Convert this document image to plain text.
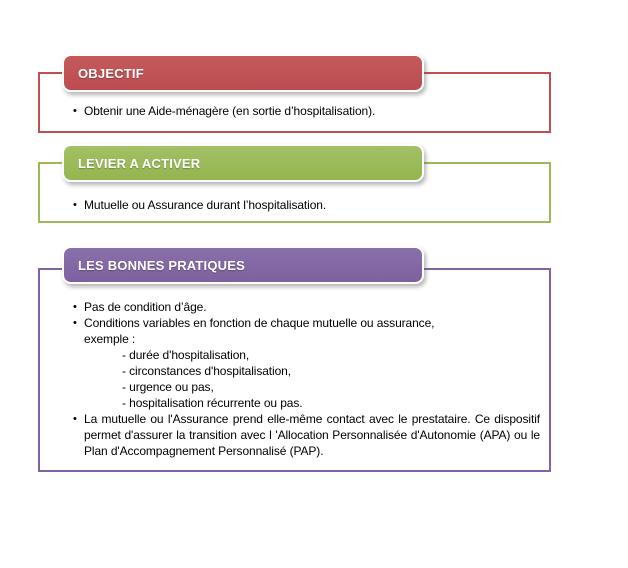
OBJECTIF
• Obtenir une Aide-ménagère (en sortie d’hospitalisation).
LEVIER A ACTIVER
• Mutuelle ou Assurance durant l’hospitalisation.
LES BONNES PRATIQUES
• Pas de condition d’âge.
• Conditions variables en fonction de chaque mutuelle ou assurance,
exemple :
- durée d'hospitalisation,
- circonstances d'hospitalisation,
- urgence ou pas,
- hospitalisation récurrente ou pas.
• La mutuelle ou l'Assurance prend elle-même contact avec le prestataire. Ce dispositif permet d'assurer la transition avec l 'Allocation Personnalisée d'Autonomie (APA) ou le Plan d'Accompagnement Personnalisé (PAP).
